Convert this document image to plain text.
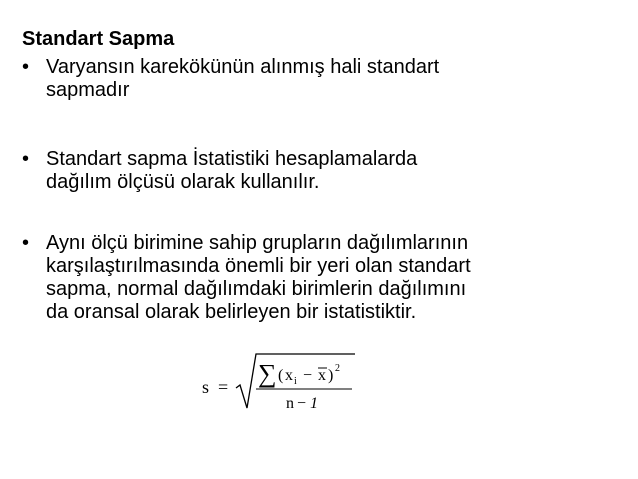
Standart Sapma
• Varyansın karekökünün alınmış hali standart
sapmadır
• Standart sapma İstatistiki hesaplamalarda
dağılım ölçüsü olarak kullanılır.
• Aynı ölçü birimine sahip grupların dağılımlarının
karşılaştırılmasında önemli bir yeri olan standart
sapma, normal dağılımdaki birimlerin dağılımını
da oransal olarak belirleyen bir istatistiktir.
s = ∑ ( x i − x ) 2
n − 1
